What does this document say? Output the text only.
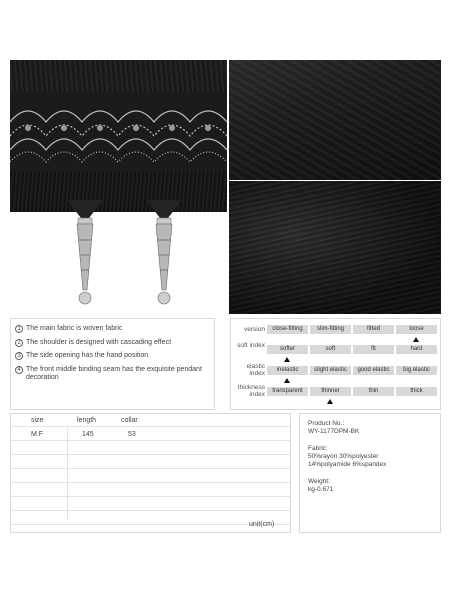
1 The main fabric is woven fabric
2 The shoulder is designed with cascading effect
3 The side opening has the hand position
4 The front middle binding seam has the exquisite pendant decoration
version	close-fitting	slim-fitting	fitted	loose
soft index	softer	soft	fit	hard
elastic index	inelastic	slight elastic	good elastic	big elastic
thickness index	transparent	thinner	thin	thick
size	length	collar
M.F	145	53
unit(cm)
Product No.:
WY-1177DPM-BK
Fabric:
50%rayon 30%polyester
14%polyamide 6%spandex
Weight:
kg-0.671
